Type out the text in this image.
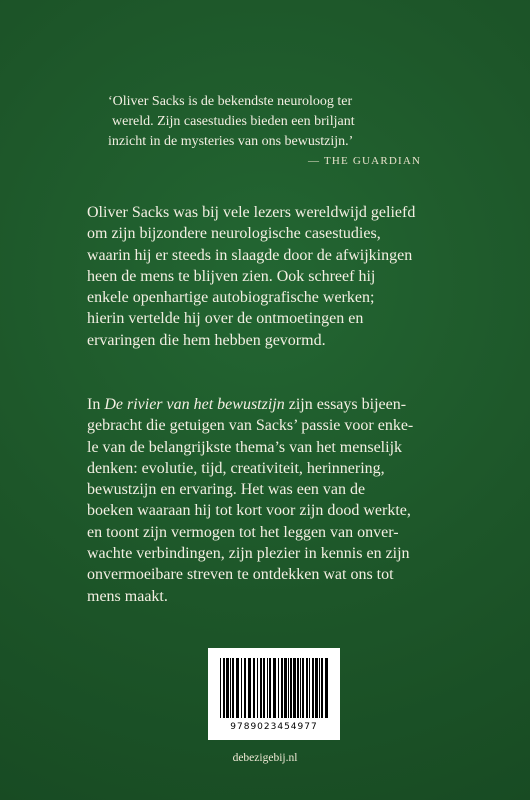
‘Oliver Sacks is de bekendste neuroloog ter
wereld. Zijn casestudies bieden een briljant
inzicht in de mysteries van ons bewustzijn.’
— THE GUARDIAN
Oliver Sacks was bij vele lezers wereldwijd geliefd
om zijn bijzondere neurologische casestudies,
waarin hij er steeds in slaagde door de afwijkingen
heen de mens te blijven zien. Ook schreef hij
enkele openhartige autobiografische werken;
hierin vertelde hij over de ontmoetingen en
ervaringen die hem hebben gevormd.
In De rivier van het bewustzijn zijn essays bijeen-
gebracht die getuigen van Sacks’ passie voor enke-
le van de belangrijkste thema’s van het menselijk
denken: evolutie, tijd, creativiteit, herinnering,
bewustzijn en ervaring. Het was een van de
boeken waaraan hij tot kort voor zijn dood werkte,
en toont zijn vermogen tot het leggen van onver-
wachte verbindingen, zijn plezier in kennis en zijn
onvermoeibare streven te ontdekken wat ons tot
mens maakt.
9789023454977
debezigebij.nl
